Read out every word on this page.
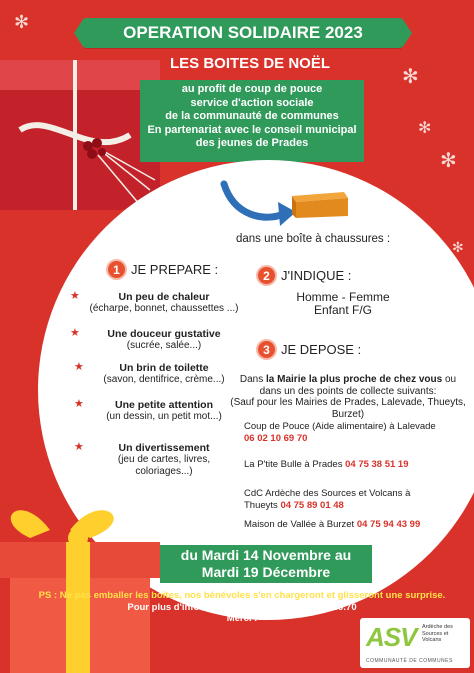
✻
✻
✻
✻
✻
OPERATION SOLIDAIRE 2023
LES BOITES DE NOËL
au profit de coup de pouce
service d'action sociale
de la communauté de communes
En partenariat avec le conseil municipal
des jeunes de Prades
dans une boîte à chaussures :
1 JE PREPARE :
★	Un peu de chaleur
(écharpe, bonnet, chaussettes ...)
★	Une douceur gustative
(sucrée, salée...)
★	Un brin de toilette
(savon, dentifrice, crème...)
★	Une petite attention
(un dessin, un petit mot...)
★	Un divertissement
(jeu de cartes, livres, coloriages...)
2 J'INDIQUE :
Homme - Femme
Enfant F/G
3 JE DEPOSE :
Dans la Mairie la plus proche de chez vous ou dans un des points de collecte suivants:
(Sauf pour les Mairies de Prades, Lalevade, Thueyts, Burzet)
Coup de Pouce (Aide alimentaire) à Lalevade 06 02 10 69 70
La P'tite Bulle à Prades 04 75 38 51 19
CdC Ardèche des Sources et Volcans à Thueyts 04 75 89 01 48
Maison de Vallée à Burzet 04 75 94 43 99
du Mardi 14 Novembre au
Mardi 19 Décembre
PS : Ne pas emballer les boîtes, nos bénévoles s'en chargeront et glisseront une surprise.
Pour plus d'info : Coup de Pouce au 06.02.10.69.70
Merci !
ASV Ardèche des
Sources et
Volcans
COMMUNAUTÉ DE COMMUNES
